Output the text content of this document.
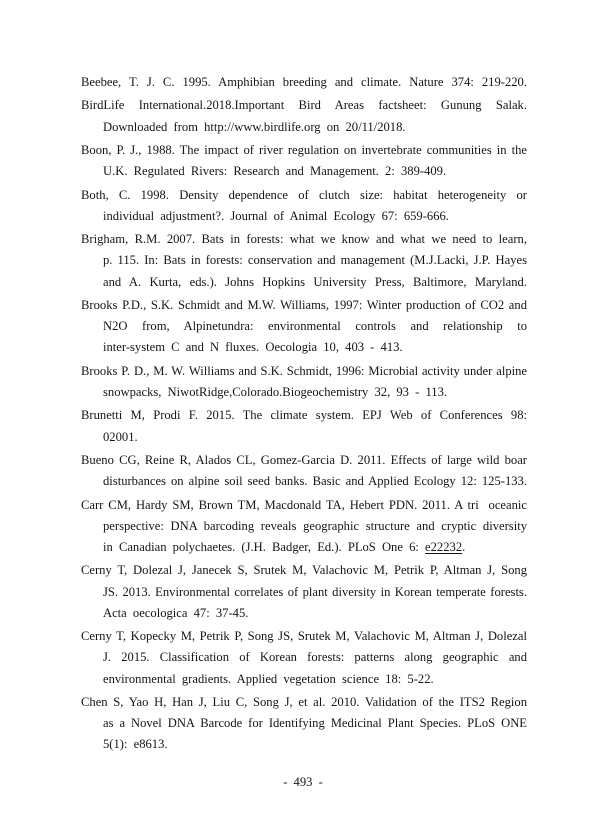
Beebee, T. J. C. 1995. Amphibian breeding and climate. Nature 374: 219-220.
BirdLife International.2018.Important Bird Areas factsheet: Gunung Salak.
Downloaded from http://www.birdlife.org on 20/11/2018.
Boon, P. J., 1988. The impact of river regulation on invertebrate communities in the
U.K. Regulated Rivers: Research and Management. 2: 389-409.
Both, C. 1998. Density dependence of clutch size: habitat heterogeneity or
individual adjustment?. Journal of Animal Ecology 67: 659-666.
Brigham, R.M. 2007. Bats in forests: what we know and what we need to learn,
p. 115. In: Bats in forests: conservation and management (M.J.Lacki, J.P. Hayes
and A. Kurta, eds.). Johns Hopkins University Press, Baltimore, Maryland.
Brooks P.D., S.K. Schmidt and M.W. Williams, 1997: Winter production of CO2 and
N2O from, Alpinetundra: environmental controls and relationship to
inter-system C and N fluxes. Oecologia 10, 403 - 413.
Brooks P. D., M. W. Williams and S.K. Schmidt, 1996: Microbial activity under alpine
snowpacks, NiwotRidge,Colorado.Biogeochemistry 32, 93 - 113.
Brunetti M, Prodi F. 2015. The climate system. EPJ Web of Conferences 98:
02001.
Bueno CG, Reine R, Alados CL, Gomez-Garcia D. 2011. Effects of large wild boar
disturbances on alpine soil seed banks. Basic and Applied Ecology 12: 125-133.
Carr CM, Hardy SM, Brown TM, Macdonald TA, Hebert PDN. 2011. A tri  oceanic
perspective: DNA barcoding reveals geographic structure and cryptic diversity
in Canadian polychaetes. (J.H. Badger, Ed.). PLoS One 6: e22232.
Cerny T, Dolezal J, Janecek S, Srutek M, Valachovic M, Petrik P, Altman J, Song
JS. 2013. Environmental correlates of plant diversity in Korean temperate forests.
Acta oecologica 47: 37-45.
Cerny T, Kopecky M, Petrik P, Song JS, Srutek M, Valachovic M, Altman J, Dolezal
J. 2015. Classification of Korean forests: patterns along geographic and
environmental gradients. Applied vegetation science 18: 5-22.
Chen S, Yao H, Han J, Liu C, Song J, et al. 2010. Validation of the ITS2 Region
as a Novel DNA Barcode for Identifying Medicinal Plant Species. PLoS ONE
5(1): e8613.
- 493 -
